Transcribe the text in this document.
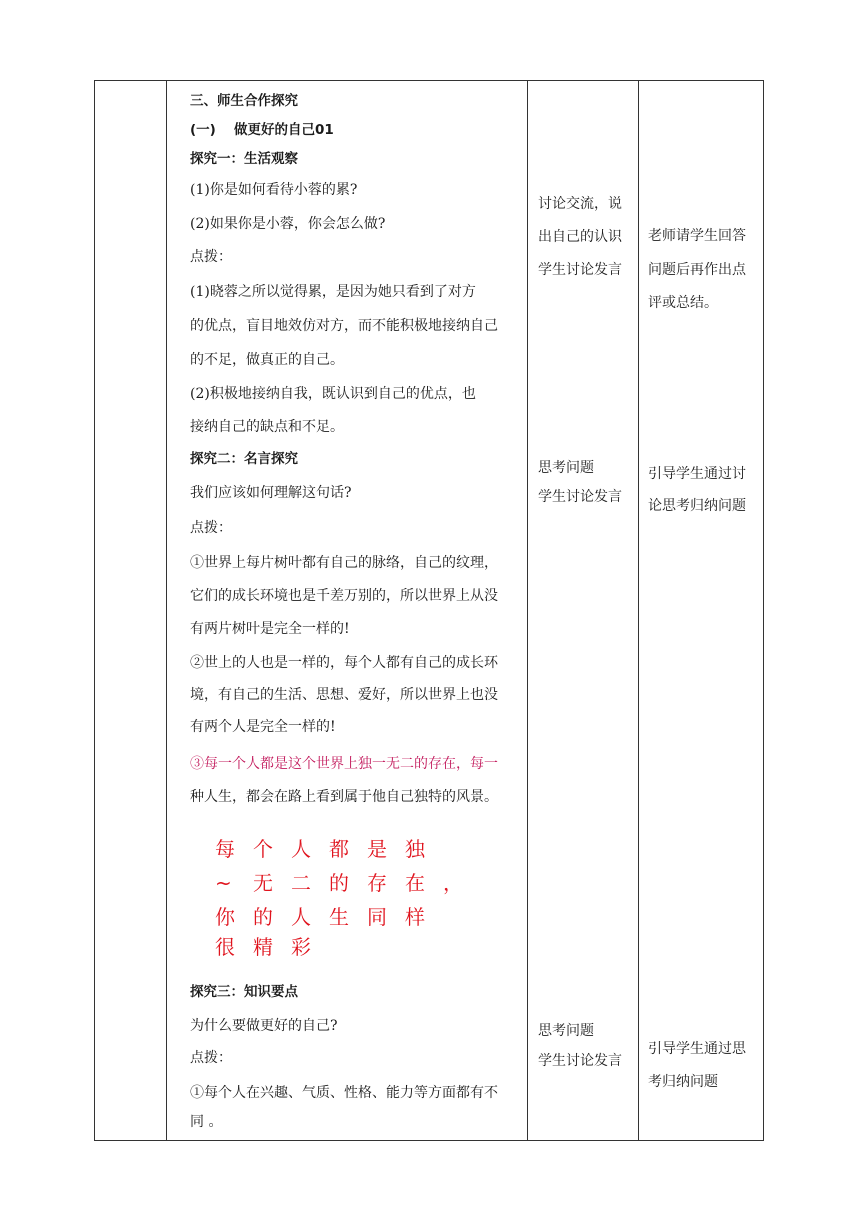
三、师生合作探究
(一)　 做更好的自己01
探究一：生活观察
(1)你是如何看待小蓉的累?
(2)如果你是小蓉，你会怎么做?
点拨：
(1)晓蓉之所以觉得累，是因为她只看到了对方
的优点，盲目地效仿对方，而不能积极地接纳自己
的不足，做真正的自己。
(2)积极地接纳自我，既认识到自己的优点，也
接纳自己的缺点和不足。
探究二：名言探究
我们应该如何理解这句话?
点拨：
①世界上每片树叶都有自己的脉络，自己的纹理，
它们的成长环境也是千差万别的，所以世界上从没
有两片树叶是完全一样的!
②世上的人也是一样的，每个人都有自己的成长环
境，有自己的生活、思想、爱好，所以世界上也没
有两个人是完全一样的!
③每一个人都是这个世界上独一无二的存在，每一
种人生，都会在路上看到属于他自己独特的风景。
每 个 人 都 是 独
~ 无 二 的 存 在 ，
你 的 人 生 同 样
很 精 彩
探究三：知识要点
为什么要做更好的自己?
点拨：
①每个人在兴趣、气质、性格、能力等方面都有不
同 。
讨论交流，说
出自己的认识
学生讨论发言
思考问题
学生讨论发言
思考问题
学生讨论发言
老师请学生回答
问题后再作出点
评或总结。
引导学生通过讨
论思考归纳问题
引导学生通过思
考归纳问题
